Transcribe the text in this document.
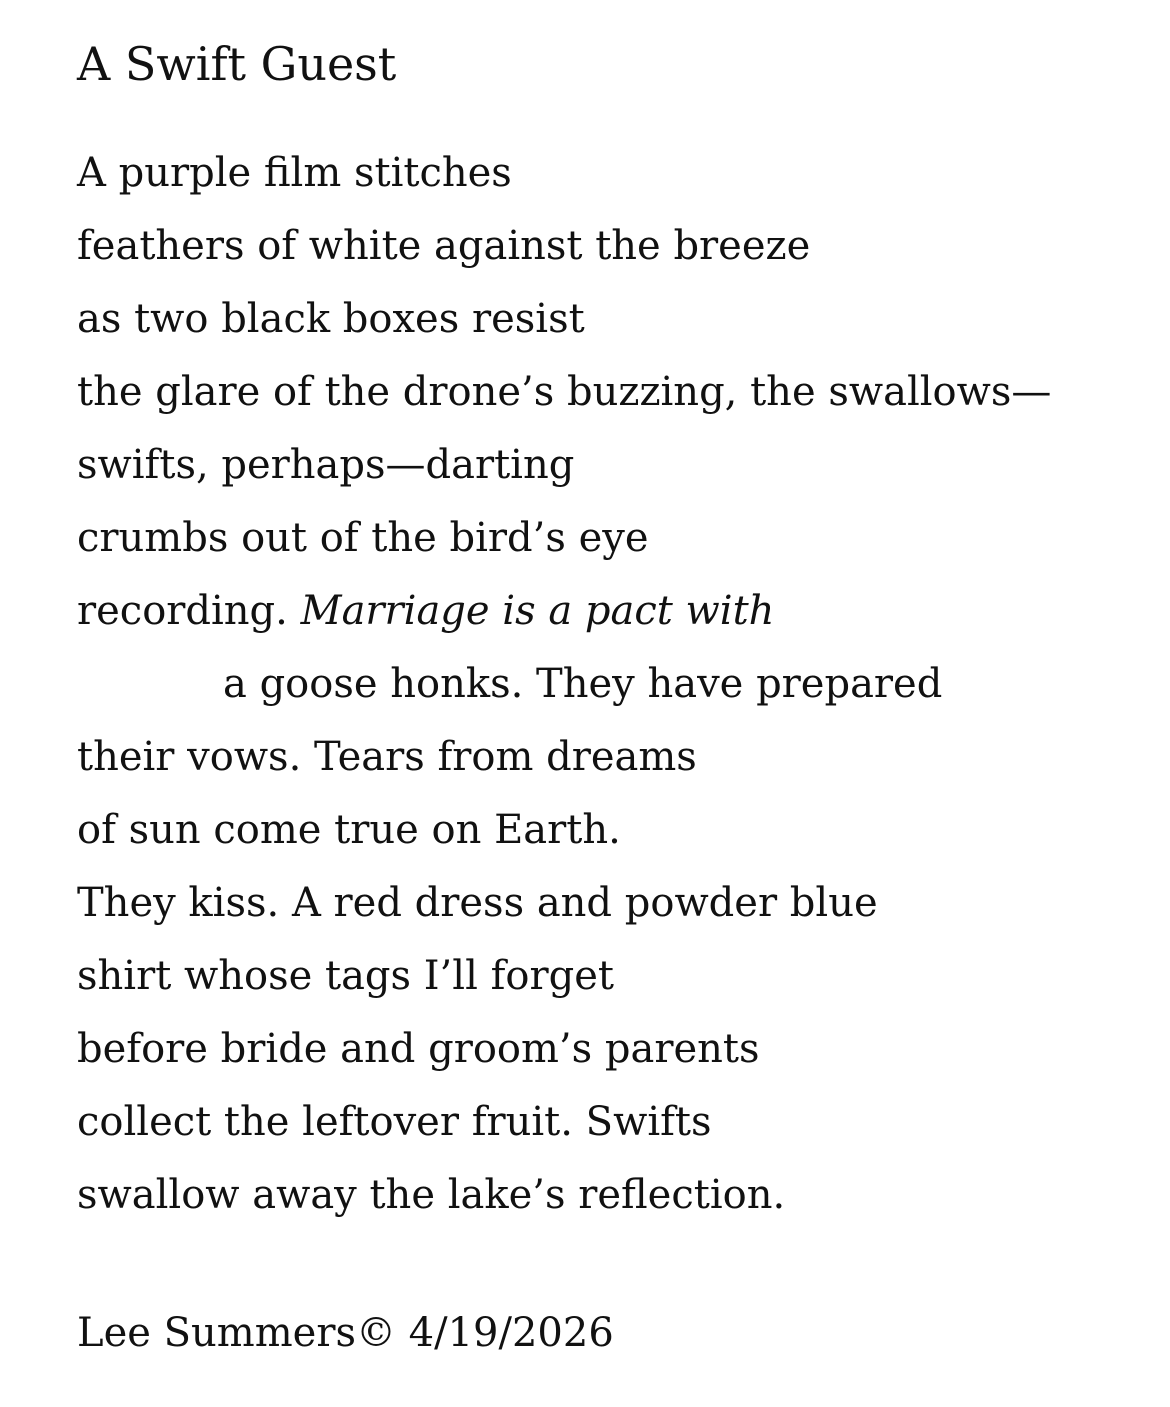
A Swift Guest
A purple film stitches
feathers of white against the breeze
as two black boxes resist
the glare of the drone’s buzzing, the swallows—
swifts, perhaps—darting
crumbs out of the bird’s eye
recording. Marriage is a pact with
a goose honks. They have prepared
their vows. Tears from dreams
of sun come true on Earth.
They kiss. A red dress and powder blue
shirt whose tags I’ll forget
before bride and groom’s parents
collect the leftover fruit. Swifts
swallow away the lake’s reflection.
Lee Summers© 4/19/2026
